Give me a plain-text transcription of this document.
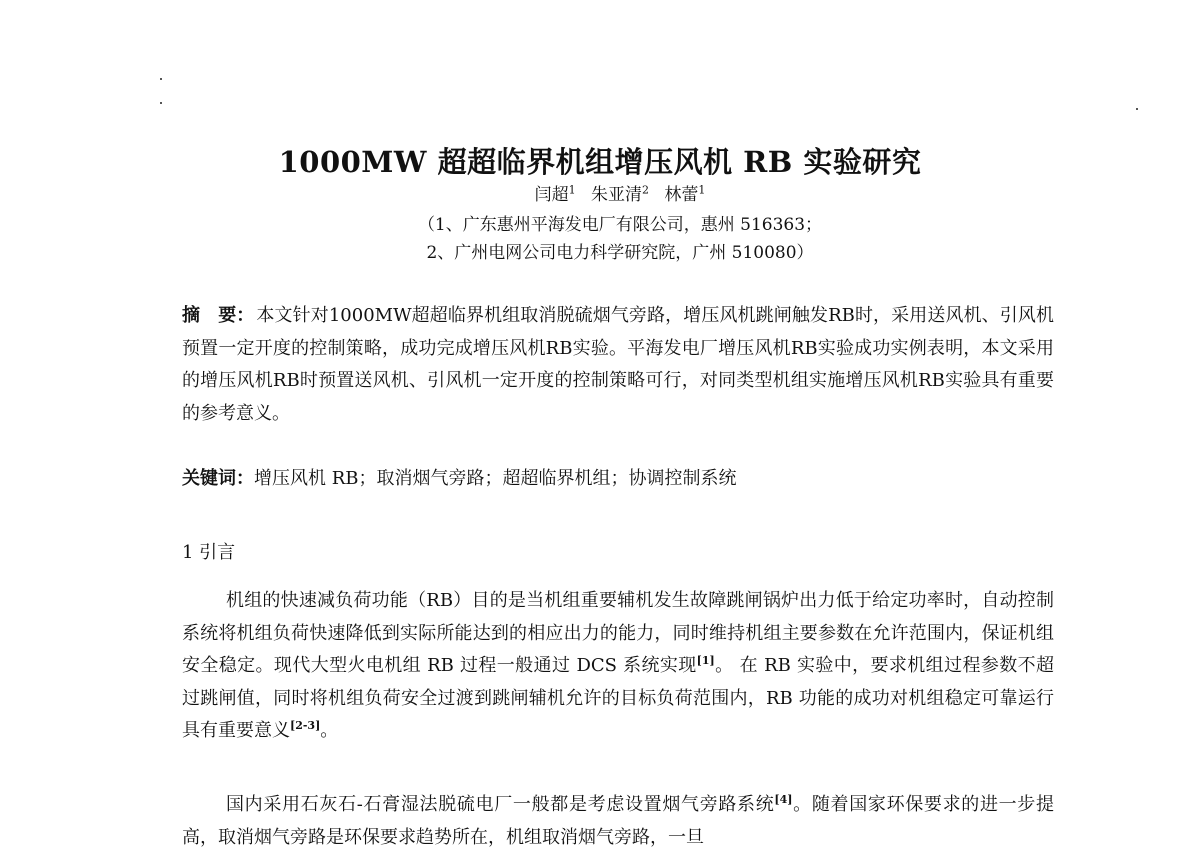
1000MW 超超临界机组增压风机 RB 实验研究
闫超$^1$ 朱亚清$^2$ 林蕾$^1$
（1、广东惠州平海发电厂有限公司，惠州 516363；
2、广州电网公司电力科学研究院，广州 510080）
摘　要： 本文针对1000MW超超临界机组取消脱硫烟气旁路，增压风机跳闸触发RB时，采用送风机、引风机预置一定开度的控制策略，成功完成增压风机RB实验。平海发电厂增压风机RB实验成功实例表明，本文采用的增压风机RB时预置送风机、引风机一定开度的控制策略可行，对同类型机组实施增压风机RB实验具有重要的参考意义。
关键词：增压风机 RB；取消烟气旁路；超超临界机组；协调控制系统
1 引言
机组的快速减负荷功能（RB）目的是当机组重要辅机发生故障跳闸锅炉出力低于给定功率时，自动控制系统将机组负荷快速降低到实际所能达到的相应出力的能力，同时维持机组主要参数在允许范围内，保证机组安全稳定。现代大型火电机组 RB 过程一般通过 DCS 系统实现[1]。 在 RB 实验中，要求机组过程参数不超过跳闸值，同时将机组负荷安全过渡到跳闸辅机允许的目标负荷范围内，RB 功能的成功对机组稳定可靠运行具有重要意义[2-3]。
国内采用石灰石-石膏湿法脱硫电厂一般都是考虑设置烟气旁路系统[4]。随着国家环保要求的进一步提高，取消烟气旁路是环保要求趋势所在，机组取消烟气旁路，一旦
